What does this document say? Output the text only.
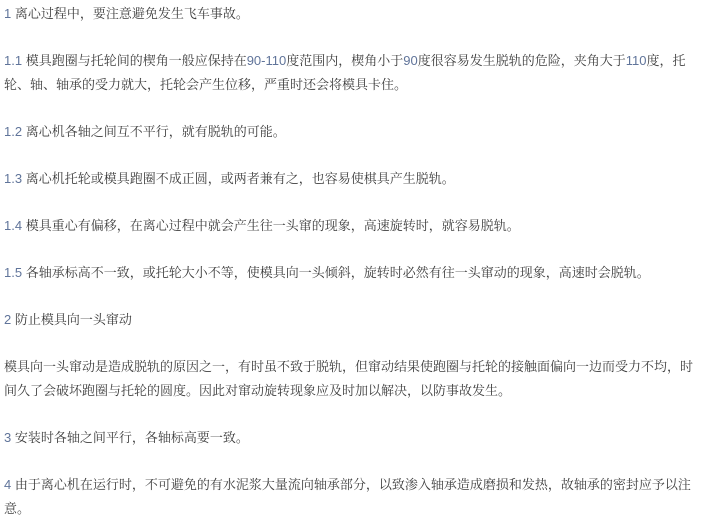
1 离心过程中，要注意避免发生飞车事故。

1.1 模具跑圈与托轮间的楔角一般应保持在90-110度范围内，楔角小于90度很容易发生脱轨的危险，夹角大于110度，托轮、轴、轴承的受力就大，托轮会产生位移，严重时还会将模具卡住。

1.2 离心机各轴之间互不平行，就有脱轨的可能。

1.3 离心机托轮或模具跑圈不成正圆，或两者兼有之，也容易使棋具产生脱轨。

1.4 模具重心有偏移，在离心过程中就会产生往一头窜的现象，高速旋转时，就容易脱轨。

1.5 各轴承标高不一致，或托轮大小不等，使模具向一头倾斜，旋转时必然有往一头窜动的现象，高速时会脱轨。

2 防止模具向一头窜动

模具向一头窜动是造成脱轨的原因之一，有时虽不致于脱轨，但窜动结果使跑圈与托轮的接触面偏向一边而受力不均，时间久了会破坏跑圈与托轮的圆度。因此对窜动旋转现象应及时加以解决，以防事故发生。

3 安装时各轴之间平行，各轴标高要一致。

4 由于离心机在运行时，不可避免的有水泥浆大量流向轴承部分，以致渗入轴承造成磨损和发热，故轴承的密封应予以注意。
